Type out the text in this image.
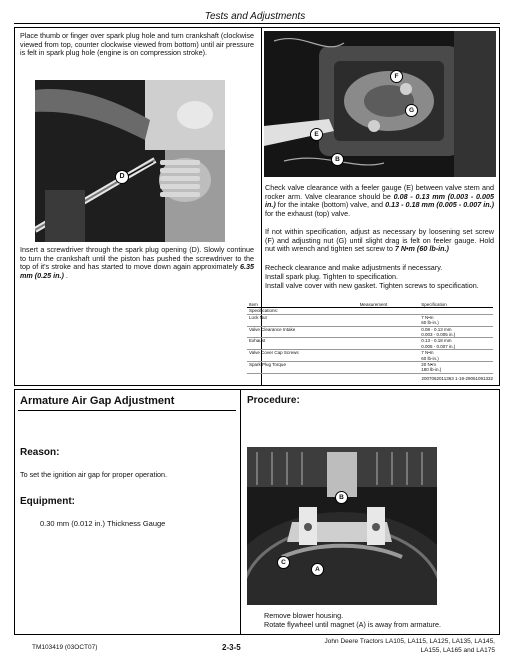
Tests and Adjustments
Place thumb or finger over spark plug hole and turn crankshaft (clockwise viewed from top, counter clockwise viewed from bottom) until air pressure is felt in spark plug hole (engine is on compression stroke).
D
Insert a screwdriver through the spark plug opening (D). Slowly continue to turn the crankshaft until the piston has pushed the screwdriver to the top of it's stroke and has started to move down again approximately 6.35 mm (0.25 in.) .
F
G
E
B
Check valve clearance with a feeler gauge (E) between valve stem and rocker arm. Valve clearance should be 0.08 - 0.13 mm (0.003 - 0.005 in.) for the intake (bottom) valve, and 0.13 - 0.18 mm (0.005 - 0.007 in.) for the exhaust (top) valve.
If not within specification, adjust as necessary by loosening set screw (F) and adjusting nut (G) until slight drag is felt on feeler gauge. Hold nut with wrench and tighten set screw to 7 N•m (60 lb-in.)
Recheck clearance and make adjustments if necessary.
Install spark plug. Tighten to specification.
Install valve cover with new gasket. Tighten screws to specification.
Item	Measurement	Specification
Specifications:		
Lock Nut		7 N•m
60 lb-in.)
Valve Clearance Intake		0.08 - 0.13 mm
0.003 - 0.005 in.)
Exhaust		0.13 - 0.18 mm
0.005 - 0.007 in.)
Valve Cover Cap Screws		7 N•m
60 lb-in.)
Spark Plug Torque		20 N•m
180 lb-in.)
2007062011363 1-19-29061091332
Armature Air Gap Adjustment
Reason:
To set the ignition air gap for proper operation.
Equipment:
0.30 mm (0.012 in.) Thickness Gauge
Procedure:
B
C
A
Remove blower housing.
Rotate flywheel until magnet (A) is away from armature.
TM103419 (03OCT07)	2-3-5
John Deere Tractors LA105, LA115, LA125, LA135, LA145,
LA155, LA165 and LA175
